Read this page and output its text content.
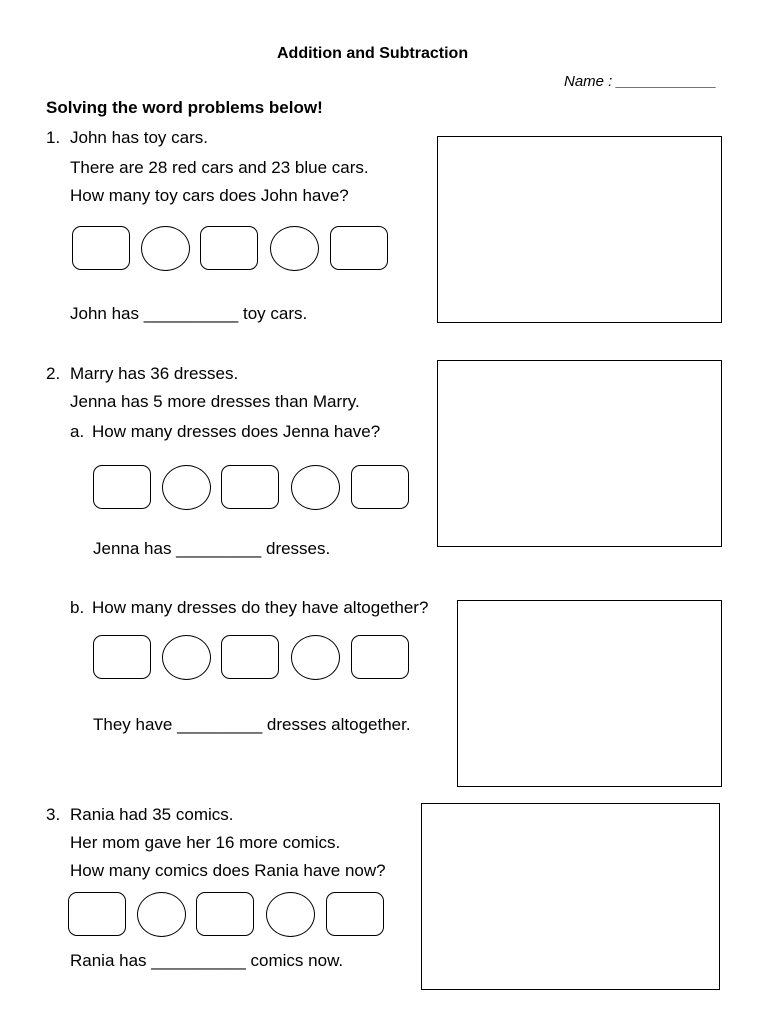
Addition and Subtraction
Name : ____________
Solving the word problems below!
1. John has toy cars.
There are 28 red cars and 23 blue cars.
How many toy cars does John have?
John has __________ toy cars.
2. Marry has 36 dresses.
Jenna has 5 more dresses than Marry.
a. How many dresses does Jenna have?
Jenna has _________ dresses.
b. How many dresses do they have altogether?
They have _________ dresses altogether.
3. Rania had 35 comics.
Her mom gave her 16 more comics.
How many comics does Rania have now?
Rania has __________ comics now.
